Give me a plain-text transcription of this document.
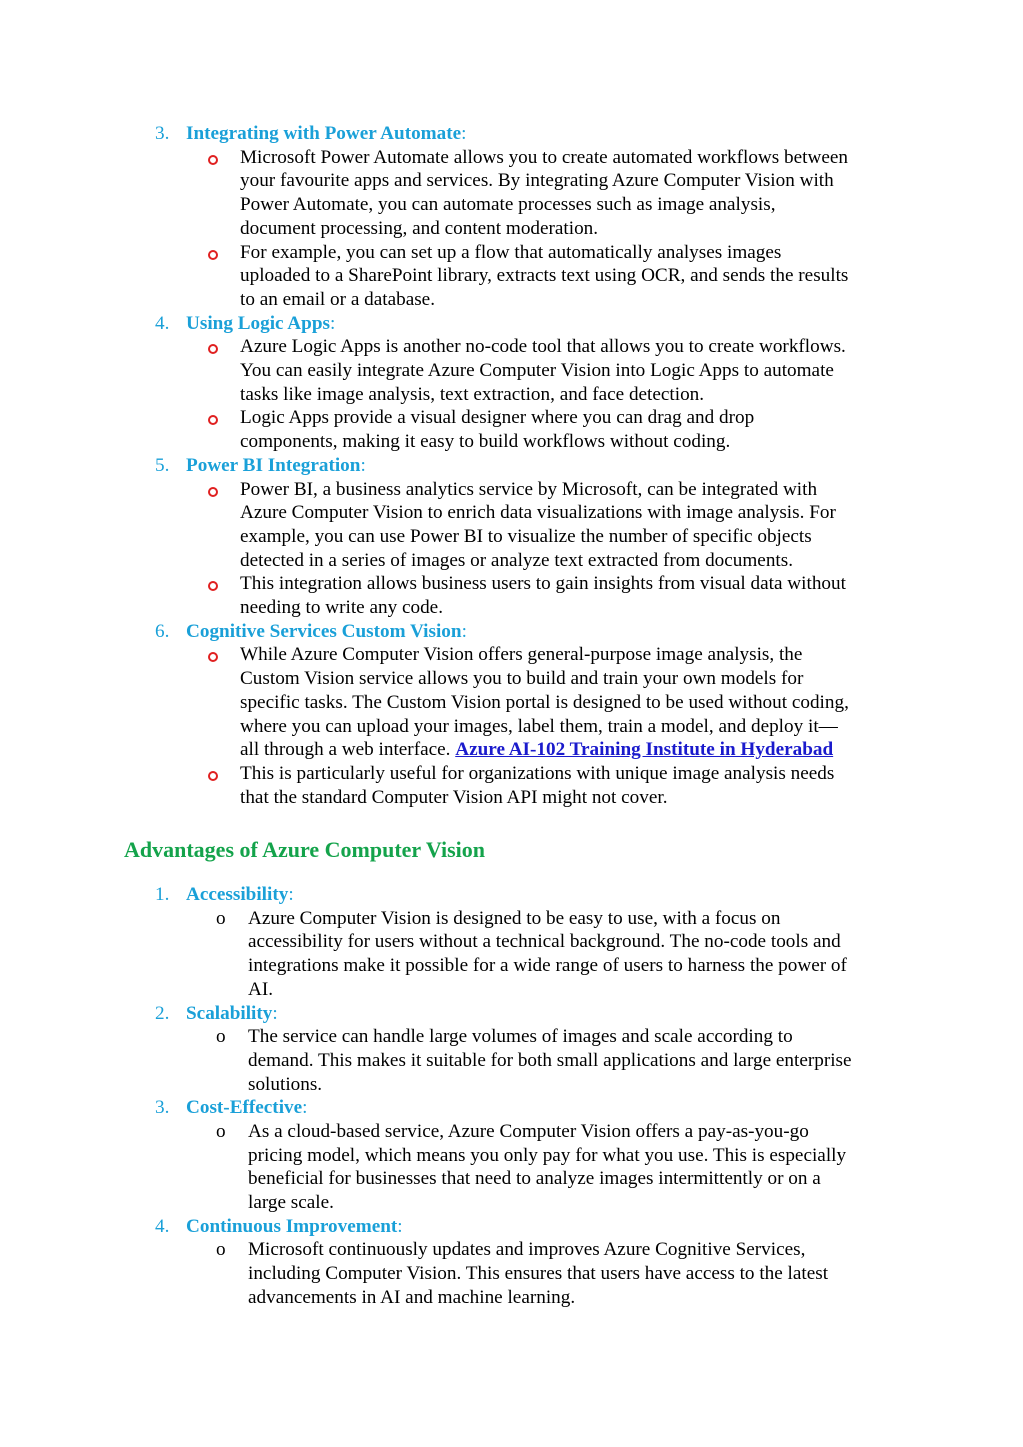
3. Integrating with Power Automate:
Microsoft Power Automate allows you to create automated workflows between
your favourite apps and services. By integrating Azure Computer Vision with
Power Automate, you can automate processes such as image analysis,
document processing, and content moderation.
For example, you can set up a flow that automatically analyses images
uploaded to a SharePoint library, extracts text using OCR, and sends the results
to an email or a database.
4. Using Logic Apps:
Azure Logic Apps is another no-code tool that allows you to create workflows.
You can easily integrate Azure Computer Vision into Logic Apps to automate
tasks like image analysis, text extraction, and face detection.
Logic Apps provide a visual designer where you can drag and drop
components, making it easy to build workflows without coding.
5. Power BI Integration:
Power BI, a business analytics service by Microsoft, can be integrated with
Azure Computer Vision to enrich data visualizations with image analysis. For
example, you can use Power BI to visualize the number of specific objects
detected in a series of images or analyze text extracted from documents.
This integration allows business users to gain insights from visual data without
needing to write any code.
6. Cognitive Services Custom Vision:
While Azure Computer Vision offers general-purpose image analysis, the
Custom Vision service allows you to build and train your own models for
specific tasks. The Custom Vision portal is designed to be used without coding,
where you can upload your images, label them, train a model, and deploy it—
all through a web interface. Azure AI-102 Training Institute in Hyderabad
This is particularly useful for organizations with unique image analysis needs
that the standard Computer Vision API might not cover.
Advantages of Azure Computer Vision
1. Accessibility:
o Azure Computer Vision is designed to be easy to use, with a focus on
accessibility for users without a technical background. The no-code tools and
integrations make it possible for a wide range of users to harness the power of
AI.
2. Scalability:
o The service can handle large volumes of images and scale according to
demand. This makes it suitable for both small applications and large enterprise
solutions.
3. Cost-Effective:
o As a cloud-based service, Azure Computer Vision offers a pay-as-you-go
pricing model, which means you only pay for what you use. This is especially
beneficial for businesses that need to analyze images intermittently or on a
large scale.
4. Continuous Improvement:
o Microsoft continuously updates and improves Azure Cognitive Services,
including Computer Vision. This ensures that users have access to the latest
advancements in AI and machine learning.
